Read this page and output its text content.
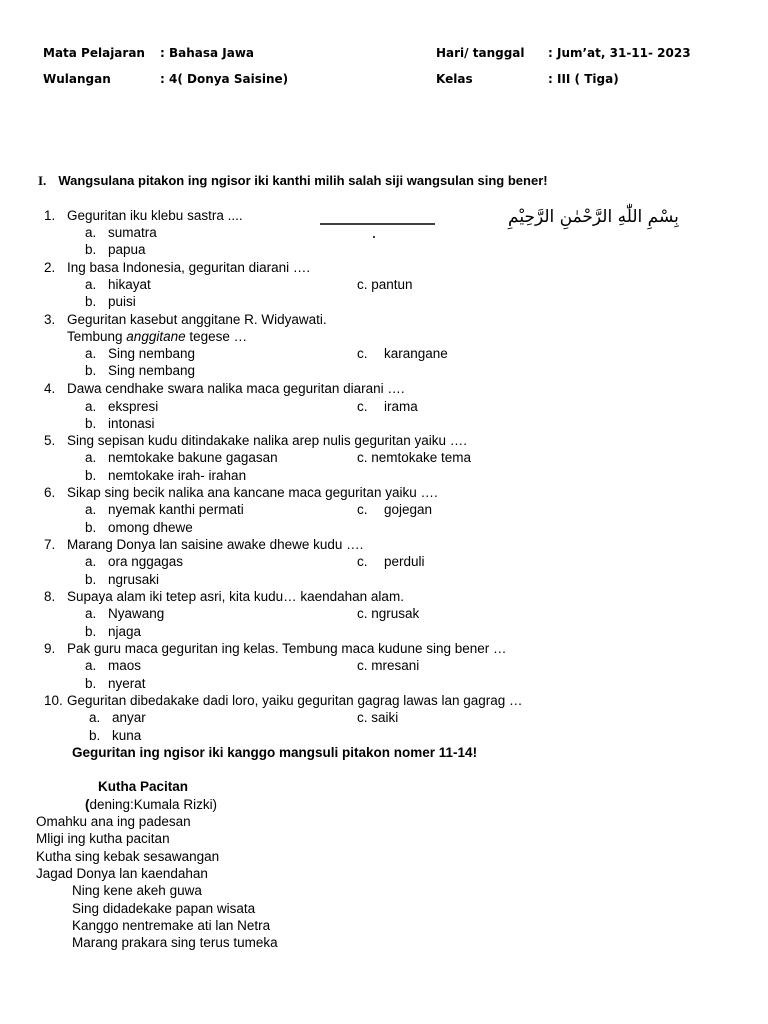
Mata Pelajaran : Bahasa Jawa	Hari/ tanggal : Jum’at, 31-11- 2023
Wulangan	: 4( Donya Saisine)	Kelas	: III ( Tiga)
I. Wangsulana pitakon ing ngisor iki kanthi milih salah siji wangsulan sing bener!
بِسْمِ اللّٰهِ الرَّحْمٰنِ الرَّحِيْمِ
1. Geguritan iku klebu sastra ....
a. sumatra
b. papua
2. Ing basa Indonesia, geguritan diarani ….
a. hikayat	c. pantun
b. puisi
3. Geguritan kasebut anggitane R. Widyawati.
Tembung anggitane tegese …
a. Sing nembang	c. karangane
b. Sing nembang
4. Dawa cendhake swara nalika maca geguritan diarani ….
a. ekspresi	c. irama
b. intonasi
5. Sing sepisan kudu ditindakake nalika arep nulis geguritan yaiku ….
a. nemtokake bakune gagasan	c. nemtokake tema
b. nemtokake irah- irahan
6. Sikap sing becik nalika ana kancane maca geguritan yaiku ….
a. nyemak kanthi permati	c. gojegan
b. omong dhewe
7. Marang Donya lan saisine awake dhewe kudu ….
a. ora nggagas	c. perduli
b. ngrusaki
8. Supaya alam iki tetep asri, kita kudu… kaendahan alam.
a. Nyawang	c. ngrusak
b. njaga
9. Pak guru maca geguritan ing kelas. Tembung maca kudune sing bener …
a. maos	c. mresani
b. nyerat
10. Geguritan dibedakake dadi loro, yaiku geguritan gagrag lawas lan gagrag …
a. anyar	c. saiki
b. kuna
Geguritan ing ngisor iki kanggo mangsuli pitakon nomer 11-14!
Kutha Pacitan
(dening:Kumala Rizki)
Omahku ana ing padesan
Mligi ing kutha pacitan
Kutha sing kebak sesawangan
Jagad Donya lan kaendahan
Ning kene akeh guwa
Sing didadekake papan wisata
Kanggo nentremake ati lan Netra
Marang prakara sing terus tumeka
